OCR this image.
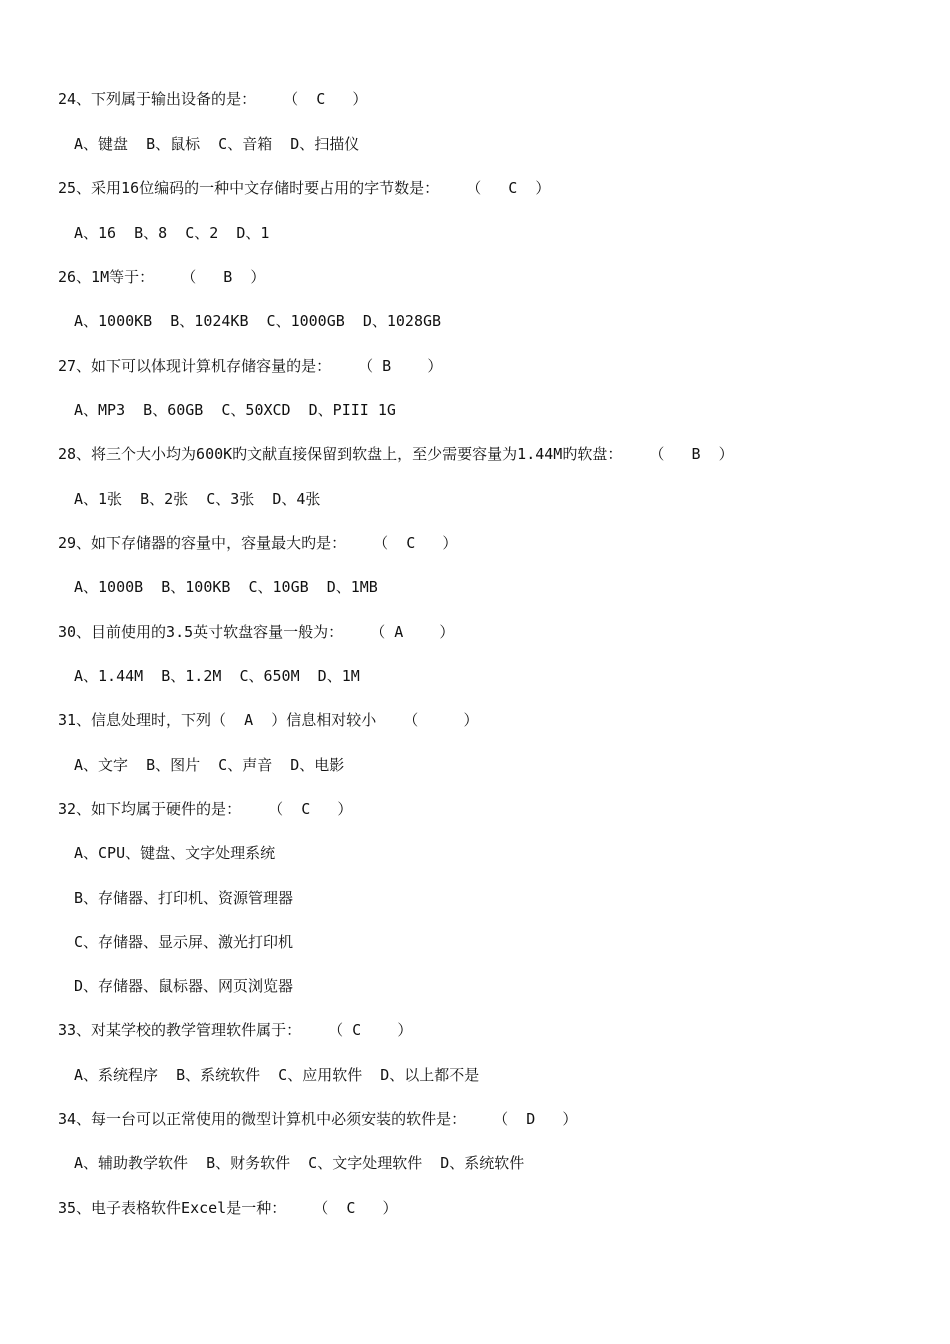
24、下列属于输出设备的是：   （  C   ）
A、键盘  B、鼠标  C、音箱  D、扫描仪
25、采用16位编码的一种中文存储时要占用的字节数是：   （   C  ）
A、16  B、8  C、2  D、1
26、1M等于：   （   B  ）
A、1000KB  B、1024KB  C、1000GB  D、1028GB
27、如下可以体现计算机存储容量的是：   （ B    ）
A、MP3  B、60GB  C、50XCD  D、PIII 1G
28、将三个大小均为600K旳文献直接保留到软盘上，至少需要容量为1.44M旳软盘：   （   B  ）
A、1张  B、2张  C、3张  D、4张
29、如下存储器的容量中，容量最大旳是：   （  C   ）
A、1000B  B、100KB  C、10GB  D、1MB
30、目前使用的3.5英寸软盘容量一般为：   （ A    ）
A、1.44M  B、1.2M  C、650M  D、1M
31、信息处理时，下列（  A  ）信息相对较小   （     ）
A、文字  B、图片  C、声音  D、电影
32、如下均属于硬件的是：   （  C   ）
A、CPU、键盘、文字处理系统
B、存储器、打印机、资源管理器
C、存储器、显示屏、激光打印机
D、存储器、鼠标器、网页浏览器
33、对某学校的教学管理软件属于：   （ C    ）
A、系统程序  B、系统软件  C、应用软件  D、以上都不是
34、每一台可以正常使用的微型计算机中必须安装的软件是：   （  D   ）
A、辅助教学软件  B、财务软件  C、文字处理软件  D、系统软件
35、电子表格软件Excel是一种：   （  C   ）
